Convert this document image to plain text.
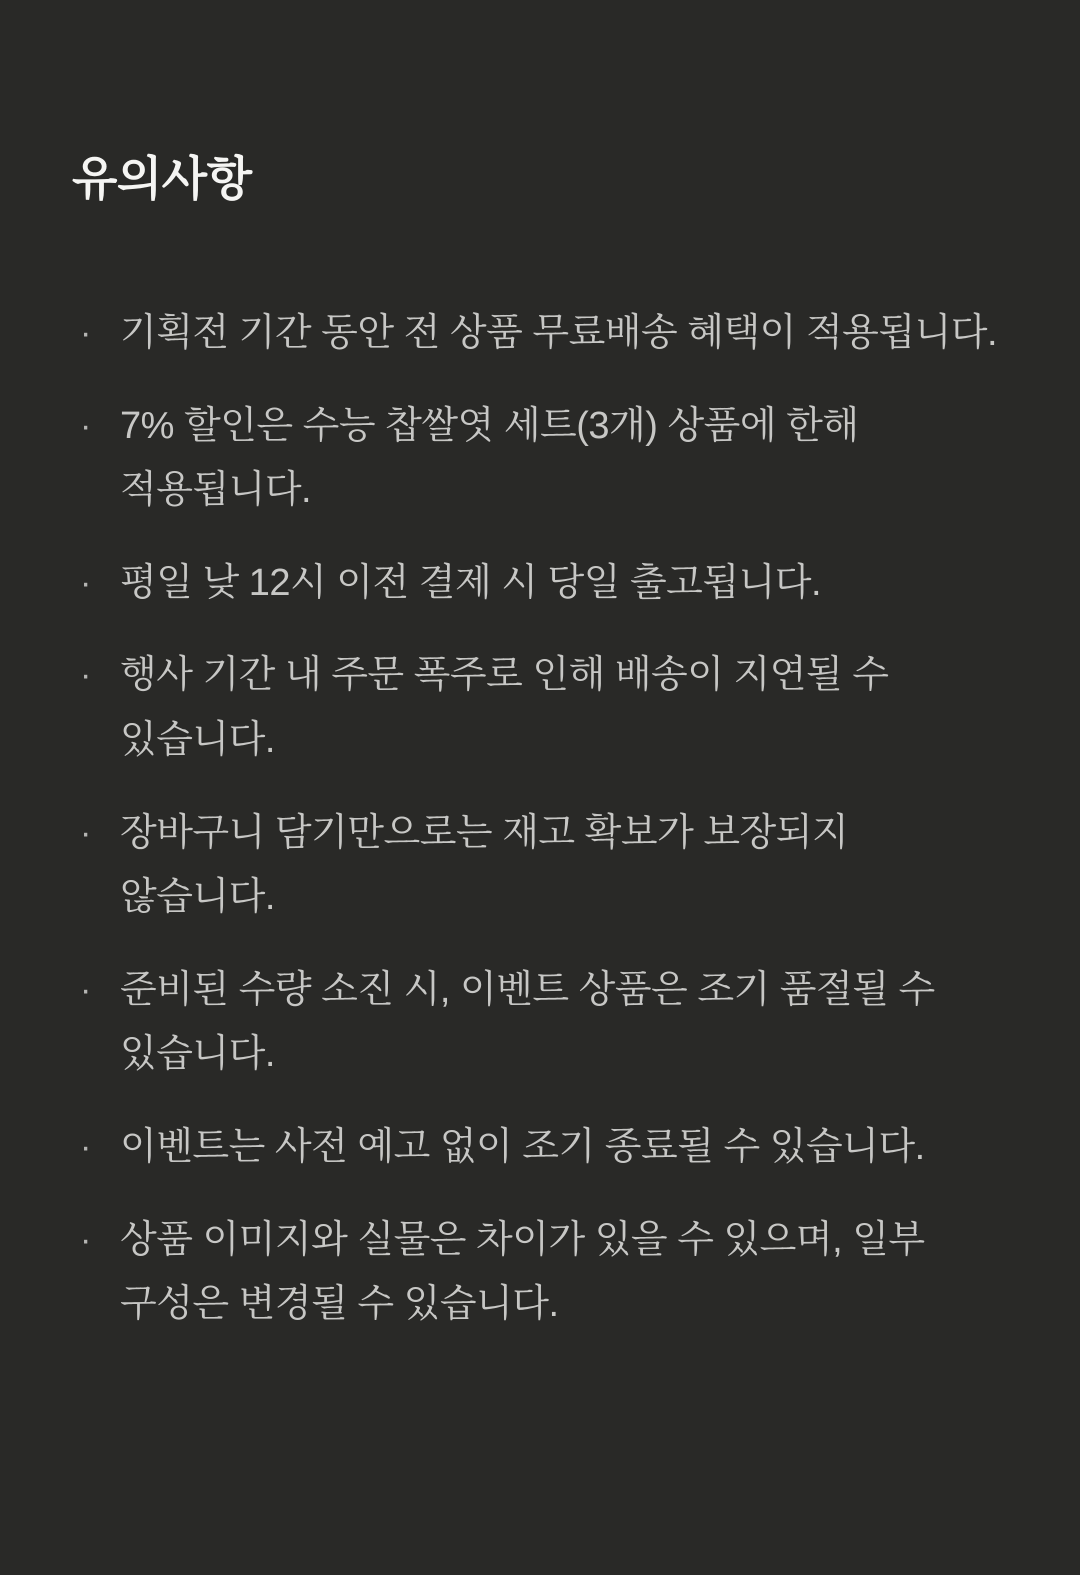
유의사항
· 기획전 기간 동안 전 상품 무료배송 혜택이 적용됩니다.
· 7% 할인은 수능 찹쌀엿 세트(3개) 상품에 한해 적용됩니다.
· 평일 낮 12시 이전 결제 시 당일 출고됩니다.
· 행사 기간 내 주문 폭주로 인해 배송이 지연될 수 있습니다.
· 장바구니 담기만으로는 재고 확보가 보장되지 않습니다.
· 준비된 수량 소진 시, 이벤트 상품은 조기 품절될 수 있습니다.
· 이벤트는 사전 예고 없이 조기 종료될 수 있습니다.
· 상품 이미지와 실물은 차이가 있을 수 있으며, 일부 구성은 변경될 수 있습니다.
